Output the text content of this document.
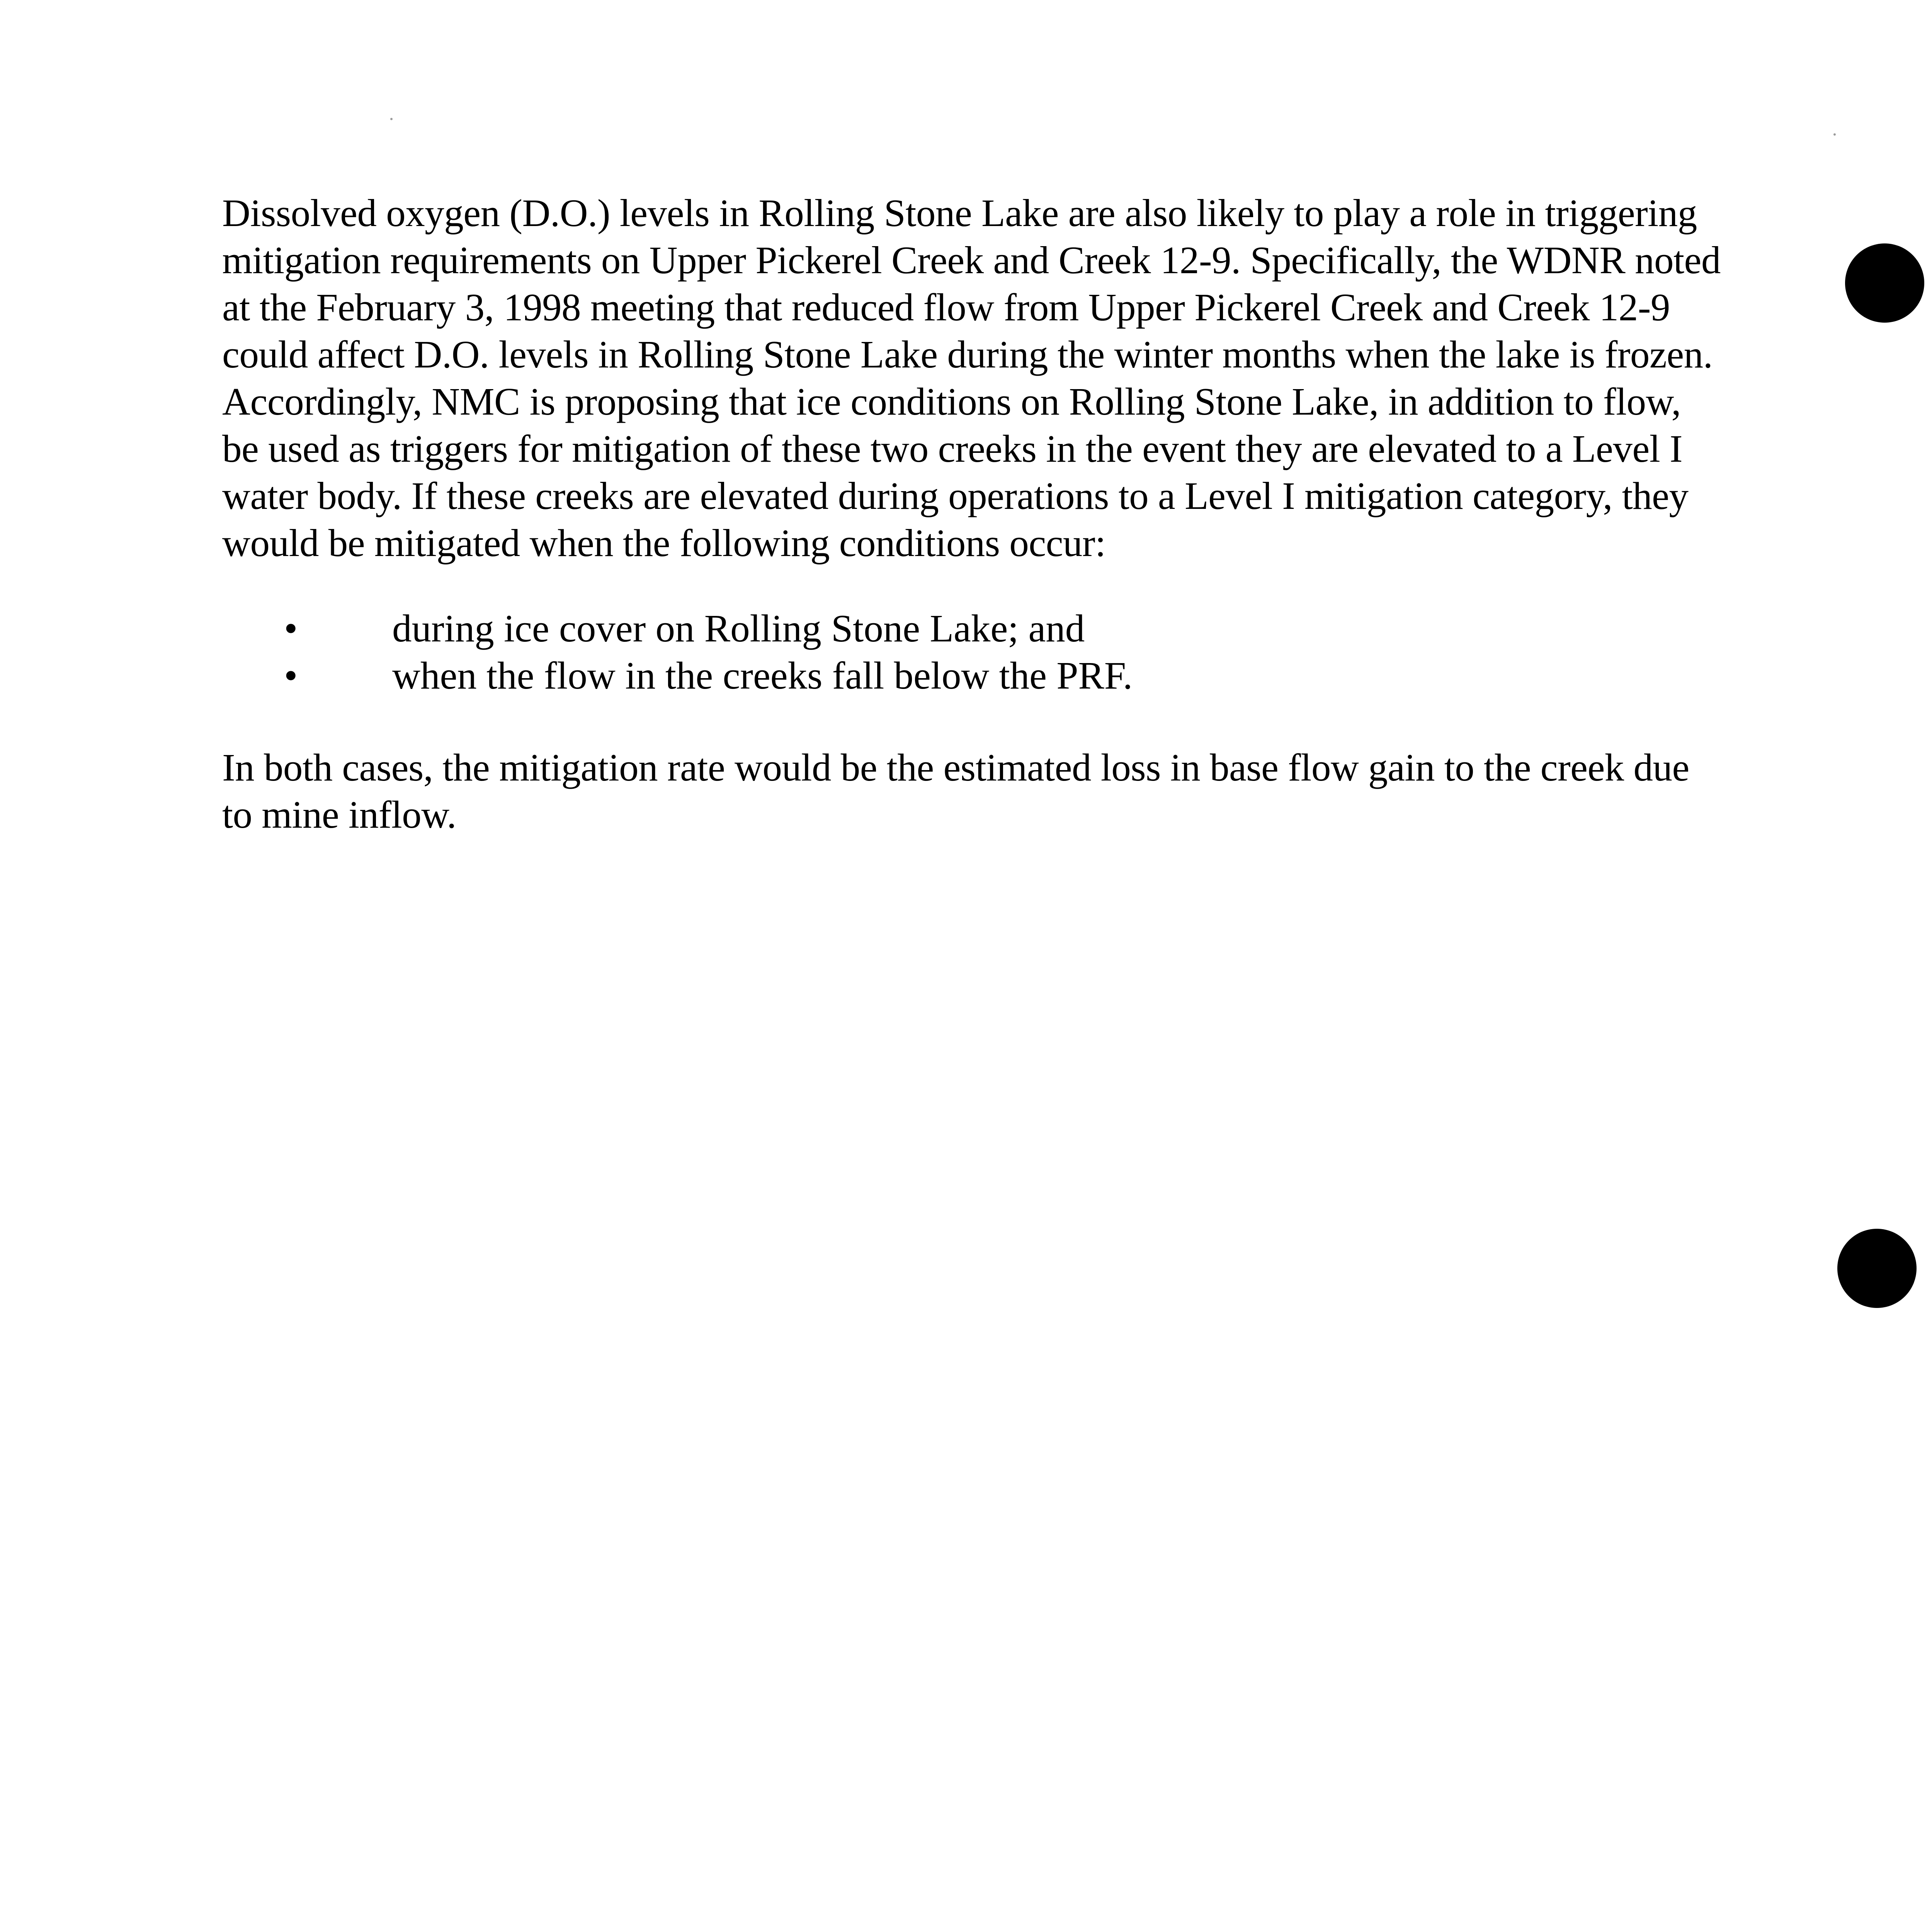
Dissolved oxygen (D.O.) levels in Rolling Stone Lake are also likely to play a role in triggering mitigation requirements on Upper Pickerel Creek and Creek 12-9. Specifically, the WDNR noted at the February 3, 1998 meeting that reduced flow from Upper Pickerel Creek and Creek 12-9 could affect D.O. levels in Rolling Stone Lake during the winter months when the lake is frozen. Accordingly, NMC is proposing that ice conditions on Rolling Stone Lake, in addition to flow, be used as triggers for mitigation of these two creeks in the event they are elevated to a Level I water body. If these creeks are elevated during operations to a Level I mitigation category, they would be mitigated when the following conditions occur:

• during ice cover on Rolling Stone Lake; and
• when the flow in the creeks fall below the PRF.

In both cases, the mitigation rate would be the estimated loss in base flow gain to the creek due to mine inflow.
